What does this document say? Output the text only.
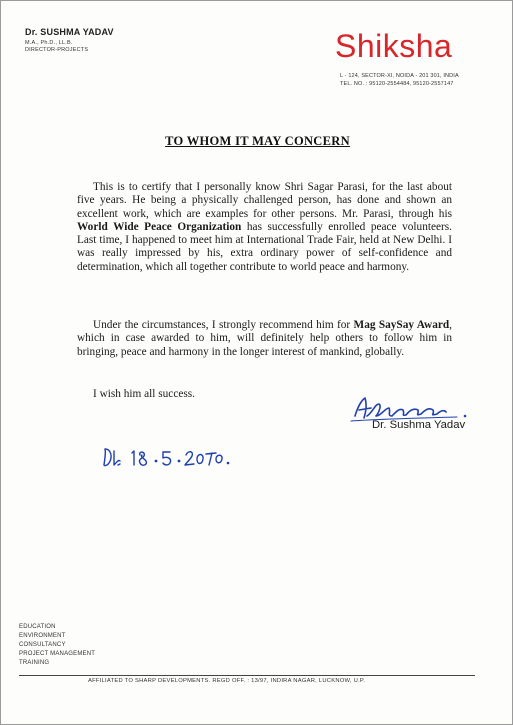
Dr. SUSHMA YADAV
M.A., Ph.D., LL.B.
DIRECTOR-PROJECTS	Shiksha
L - 124, SECTOR-XI, NOIDA - 201 301, INDIA
TEL. NO. : 95120-2554484, 95120-2557147
TO WHOM IT MAY CONCERN
This is to certify that I personally know Shri Sagar Parasi, for the last about five years. He being a physically challenged person, has done and shown an excellent work, which are examples for other persons. Mr. Parasi, through his World Wide Peace Organization has successfully enrolled peace volunteers. Last time, I happened to meet him at International Trade Fair, held at New Delhi. I was really impressed by his, extra ordinary power of self-confidence and determination, which all together contribute to world peace and harmony.
Under the circumstances, I strongly recommend him for Mag SaySay Award, which in case awarded to him, will definitely help others to follow him in bringing, peace and harmony in the longer interest of mankind, globally.
I wish him all success.
Dr. Sushma Yadav
EDUCATION
ENVIRONMENT
CONSULTANCY
PROJECT MANAGEMENT
TRAINING
AFFILIATED TO SHARP DEVELOPMENTS. REGD OFF. : 13/97, INDIRA NAGAR, LUCKNOW, U.P.
